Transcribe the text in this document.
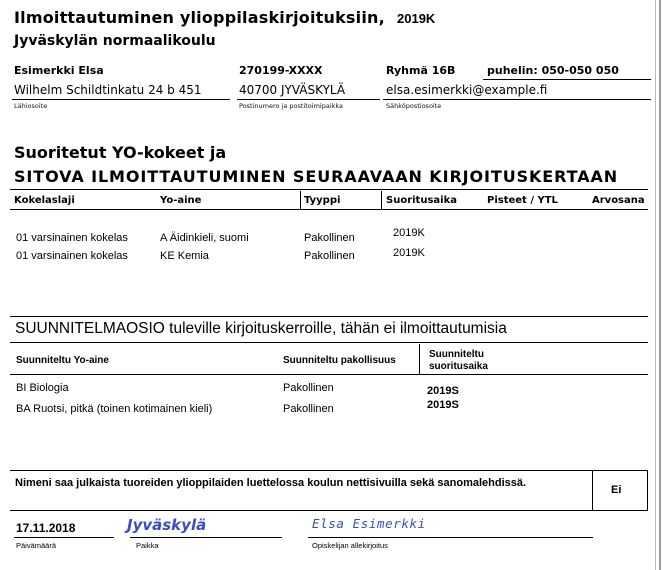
Ilmoittautuminen ylioppilaskirjoituksiin, 2019K
Jyväskylän normaalikoulu
Esimerkki Elsa	270199-XXXX	Ryhmä 16B	puhelin: 050-050 050
Wilhelm Schildtinkatu 24 b 451	40700 JYVÄSKYLÄ	elsa.esimerkki@example.fi
Lähiosoite	Postinumero ja postitoimipaikka	Sähköpostiosoite
Suoritetut YO-kokeet ja
SITOVA ILMOITTAUTUMINEN SEURAAVAAN KIRJOITUSKERTAAN
Kokelaslaji	Yo-aine	Tyyppi	Suoritusaika	Pisteet / YTL	Arvosana
01 varsinainen kokelas	A Äidinkieli, suomi	Pakollinen	2019K
01 varsinainen kokelas	KE Kemia	Pakollinen	2019K
SUUNNITELMAOSIO tuleville kirjoituskerroille, tähän ei ilmoittautumisia
Suunniteltu Yo-aine	Suunniteltu pakollisuus
Suunniteltu
suoritusaika
BI Biologia	Pakollinen	2019S
BA Ruotsi, pitkä (toinen kotimainen kieli)	Pakollinen	2019S
Nimeni saa julkaista tuoreiden ylioppilaiden luettelossa koulun nettisivuilla sekä sanomalehdissä.
Ei
17.11.2018	Jyväskylä	Elsa Esimerkki
Päivämäärä	Paikka	Opiskelijan allekirjoitus
